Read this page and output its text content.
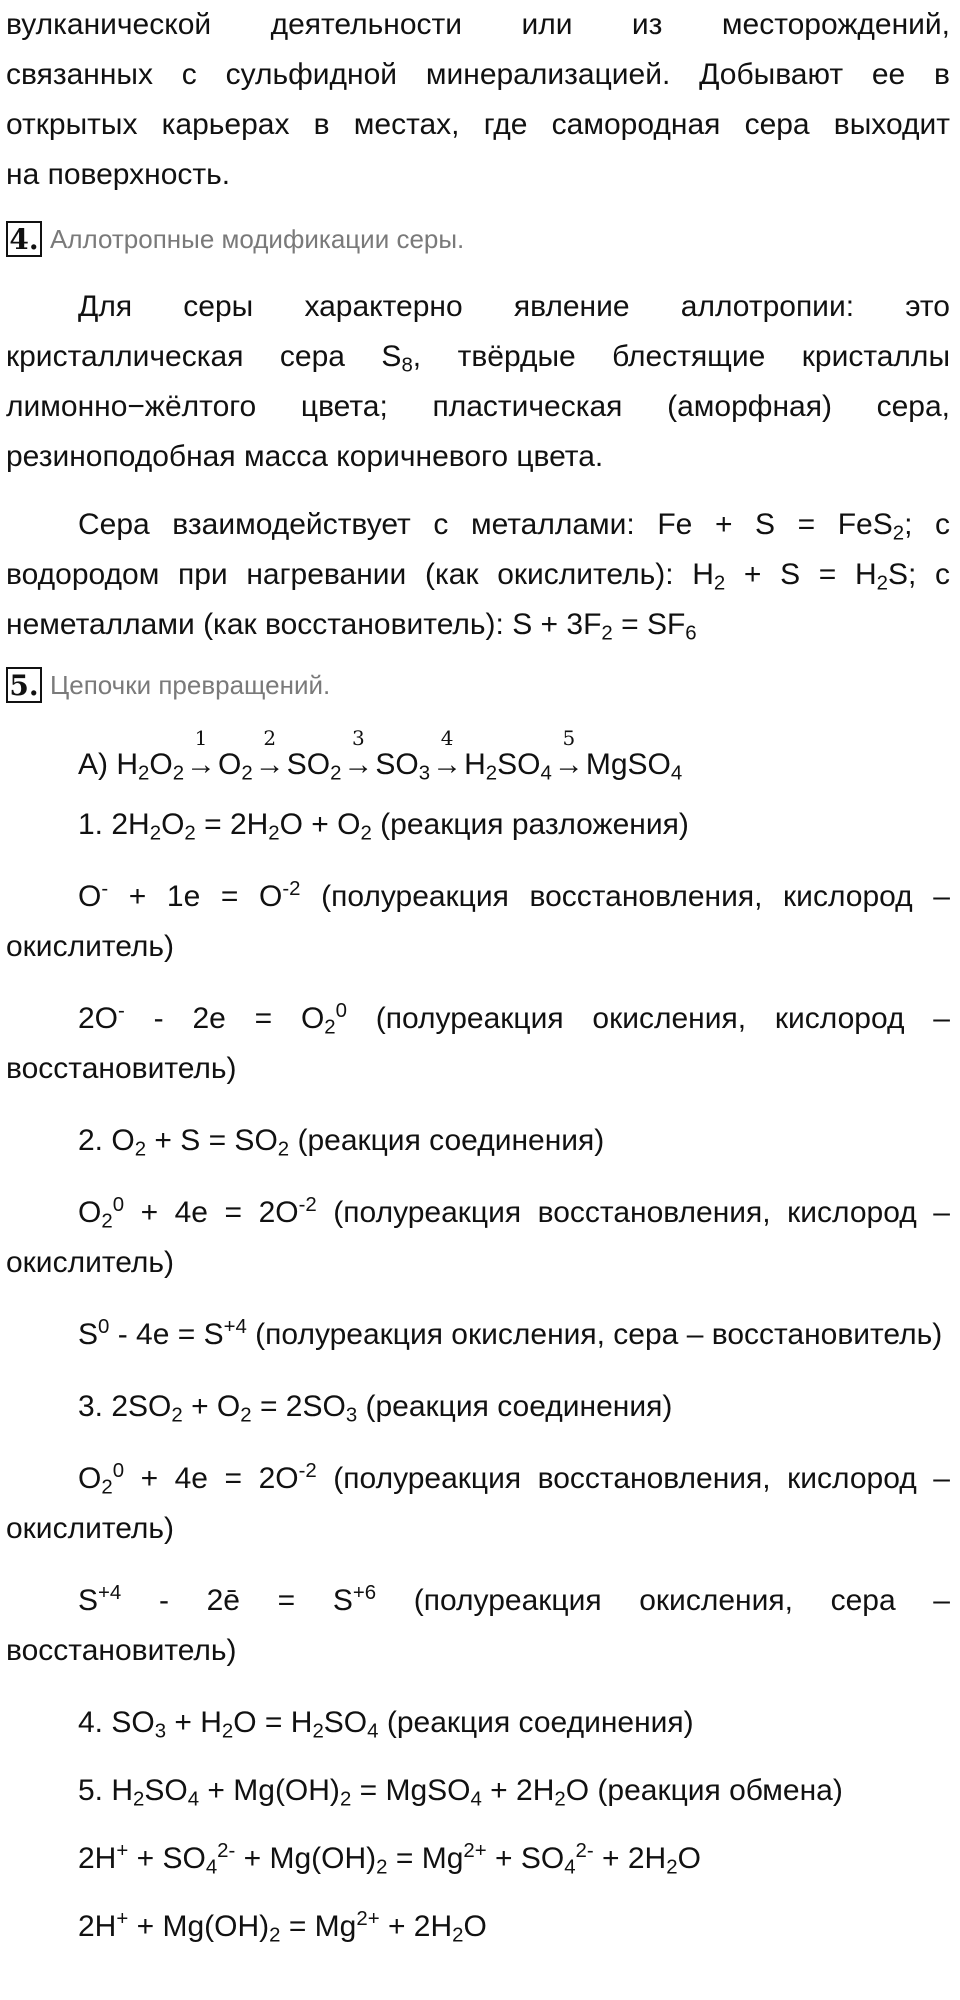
вулканической деятельности или из месторождений,

связанных с сульфидной минерализацией. Добывают ее в

открытых карьерах в местах, где самородная сера выходит

на поверхность.

4. Аллотропные модификации серы.

Для серы характерно явление аллотропии: это кристаллическая сера $S_8$, твёрдые блестящие кристаллы лимонно−жёлтого цвета; пластическая (аморфная) сера, резиноподобная масса коричневого цвета.

Сера взаимодействует с металлами: Fe + S = FeS$_2$; с водородом при нагревании (как окислитель): $H_2 + S = H_2S$; с неметаллами (как восстановитель): $S + 3F_2 = SF_6$

5. Цепочки превращений.
А) $H_2O_2$
1
→ $O_2$
2
→ $SO_2$
3
→ $SO_3$
4
→ $H_2SO_4$
5
→ MgSO$_4$

1. $2H_2O_2 = 2H_2O + O_2$ (реакция разложения)

$O^- + 1e = O^{-2}$ (полуреакция восстановления, кислород – окислитель)

$2O^- - 2e = O_2^0$ (полуреакция окисления, кислород – восстановитель)

2. $O_2 + S = SO_2$ (реакция соединения)

$O_2^0 + 4e = 2O^{-2}$ (полуреакция восстановления, кислород – окислитель)

$S^0 - 4e = S^{+4}$ (полуреакция окисления, сера – восстановитель)

3. $2SO_2 + O_2 = 2SO_3$ (реакция соединения)

$O_2^0 + 4e = 2O^{-2}$ (полуреакция восстановления, кислород – окислитель)

$S^{+4}$ - 2ē = $S^{+6}$ (полуреакция окисления, сера – восстановитель)

4. $SO_3 + H_2O = H_2SO_4$ (реакция соединения)

5. $H_2SO_4 + Mg(OH)_2$ = MgSO$_4$ + $2H_2O$ (реакция обмена)

$2H^+ + SO_4^{2-} + Mg(OH)_2 = Mg^{2+} + SO_4^{2-} + 2H_2O$

$2H^+ + Mg(OH)_2 = Mg^{2+} + 2H_2O$
